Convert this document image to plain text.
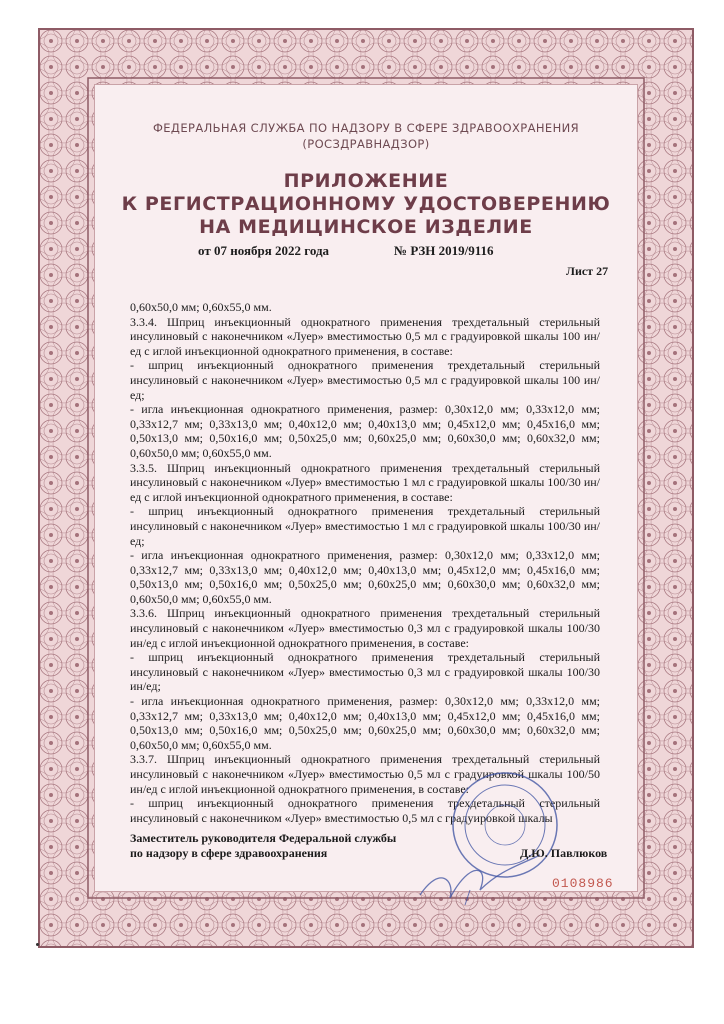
ФЕДЕРАЛЬНАЯ СЛУЖБА ПО НАДЗОРУ В СФЕРЕ ЗДРАВООХРАНЕНИЯ
(РОСЗДРАВНАДЗОР)
ПРИЛОЖЕНИЕ
К РЕГИСТРАЦИОННОМУ УДОСТОВЕРЕНИЮ
НА МЕДИЦИНСКОЕ ИЗДЕЛИЕ
от 07 ноября 2022 года	№ РЗН 2019/9116
Лист 27

0,60х50,0 мм; 0,60х55,0 мм.

3.3.4. Шприц инъекционный однократного применения трехдетальный стерильный инсулиновый с наконечником «Луер» вместимостью 0,5 мл с градуировкой шкалы 100 ин/ед с иглой инъекционной однократного применения, в составе:

- шприц инъекционный однократного применения трехдетальный стерильный инсулиновый с наконечником «Луер» вместимостью 0,5 мл с градуировкой шкалы 100 ин/ед;

- игла инъекционная однократного применения, размер: 0,30х12,0 мм; 0,33х12,0 мм; 0,33х12,7 мм; 0,33х13,0 мм; 0,40х12,0 мм; 0,40х13,0 мм; 0,45х12,0 мм; 0,45х16,0 мм; 0,50х13,0 мм; 0,50х16,0 мм; 0,50х25,0 мм; 0,60х25,0 мм; 0,60х30,0 мм; 0,60х32,0 мм; 0,60х50,0 мм; 0,60х55,0 мм.

3.3.5. Шприц инъекционный однократного применения трехдетальный стерильный инсулиновый с наконечником «Луер» вместимостью 1 мл с градуировкой шкалы 100/30 ин/ед с иглой инъекционной однократного применения, в составе:

- шприц инъекционный однократного применения трехдетальный стерильный инсулиновый с наконечником «Луер» вместимостью 1 мл с градуировкой шкалы 100/30 ин/ед;

- игла инъекционная однократного применения, размер: 0,30х12,0 мм; 0,33х12,0 мм; 0,33х12,7 мм; 0,33х13,0 мм; 0,40х12,0 мм; 0,40х13,0 мм; 0,45х12,0 мм; 0,45х16,0 мм; 0,50х13,0 мм; 0,50х16,0 мм; 0,50х25,0 мм; 0,60х25,0 мм; 0,60х30,0 мм; 0,60х32,0 мм; 0,60х50,0 мм; 0,60х55,0 мм.

3.3.6. Шприц инъекционный однократного применения трехдетальный стерильный инсулиновый с наконечником «Луер» вместимостью 0,3 мл с градуировкой шкалы 100/30 ин/ед с иглой инъекционной однократного применения, в составе:

- шприц инъекционный однократного применения трехдетальный стерильный инсулиновый с наконечником «Луер» вместимостью 0,3 мл с градуировкой шкалы 100/30 ин/ед;

- игла инъекционная однократного применения, размер: 0,30х12,0 мм; 0,33х12,0 мм; 0,33х12,7 мм; 0,33х13,0 мм; 0,40х12,0 мм; 0,40х13,0 мм; 0,45х12,0 мм; 0,45х16,0 мм; 0,50х13,0 мм; 0,50х16,0 мм; 0,50х25,0 мм; 0,60х25,0 мм; 0,60х30,0 мм; 0,60х32,0 мм; 0,60х50,0 мм; 0,60х55,0 мм.

3.3.7. Шприц инъекционный однократного применения трехдетальный стерильный инсулиновый с наконечником «Луер» вместимостью 0,5 мл с градуировкой шкалы 100/50 ин/ед с иглой инъекционной однократного применения, в составе:

- шприц инъекционный однократного применения трехдетальный стерильный инсулиновый с наконечником «Луер» вместимостью 0,5 мл с градуировкой шкалы

Заместитель руководителя Федеральной службы
по надзору в сфере здравоохранения	Д.Ю. Павлюков
0108986
